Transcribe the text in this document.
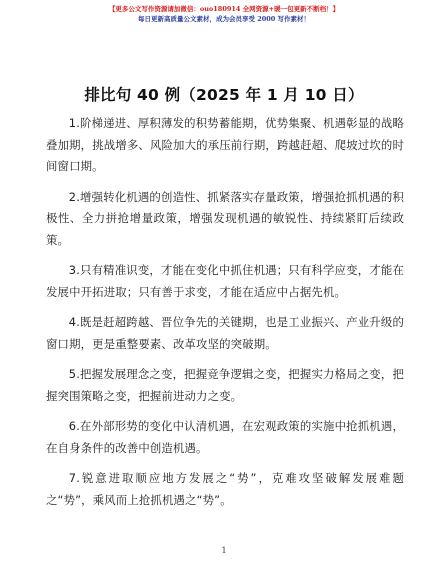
【更多公文写作资源请加微信：ouo180914 全网资源+暖一包更新不断档！】
每日更新高质量公文素材，成为会员享受 2000 写作素材！
排比句 40 例（2025 年 1 月 10 日）

1.阶梯递进、厚积薄发的积势蓄能期，优势集聚、机遇彰显的战略叠加期，挑战增多、风险加大的承压前行期，跨越赶超、爬坡过坎的时间窗口期。

2.增强转化机遇的创造性、抓紧落实存量政策，增强抢抓机遇的积极性、全力拼抢增量政策，增强发现机遇的敏锐性、持续紧盯后续政策。

3.只有精准识变，才能在变化中抓住机遇；只有科学应变，才能在发展中开拓进取；只有善于求变，才能在适应中占据先机。

4.既是赶超跨越、晋位争先的关键期，也是工业振兴、产业升级的窗口期，更是重整要素、改革攻坚的突破期。

5.把握发展理念之变，把握竞争逻辑之变，把握实力格局之变，把握突围策略之变，把握前进动力之变。

6.在外部形势的变化中认清机遇，在宏观政策的实施中抢抓机遇，在自身条件的改善中创造机遇。

7.锐意进取顺应地方发展之“势”，克难攻坚破解发展难题之“势”，乘风而上抢抓机遇之“势”。

1
